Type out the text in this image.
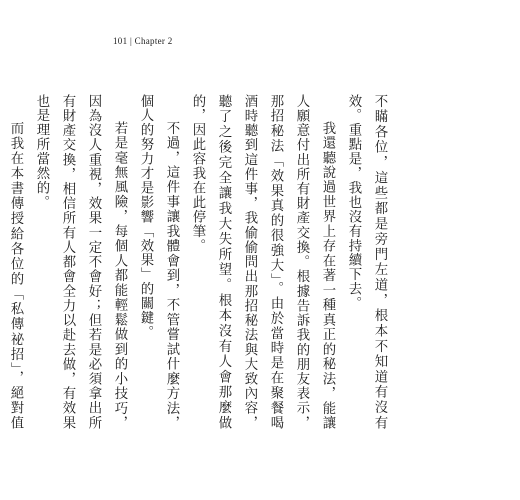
101 | Chapter 2

不瞞各位，這些都是旁門左道，根本不知道有沒有效。重點是，我也沒有持續下去。

我還聽說過世界上存在著一種真正的秘法，能讓人願意付出所有財產交換。根據告訴我的朋友表示，那招秘法「效果真的很強大」。由於當時是在聚餐喝酒時聽到這件事，我偷偷問出那招秘法與大致內容，聽了之後完全讓我大失所望。根本沒有人會那麼做的，因此容我在此停筆。

不過，這件事讓我體會到，不管嘗試什麼方法，個人的努力才是影響「效果」的關鍵。

若是毫無風險，每個人都能輕鬆做到的小技巧，因為沒人重視，效果一定不會好；但若是必須拿出所有財產交換，相信所有人都會全力以赴去做，有效果也是理所當然的。

而我在本書傳授給各位的「私傳祕招」，絕對值
